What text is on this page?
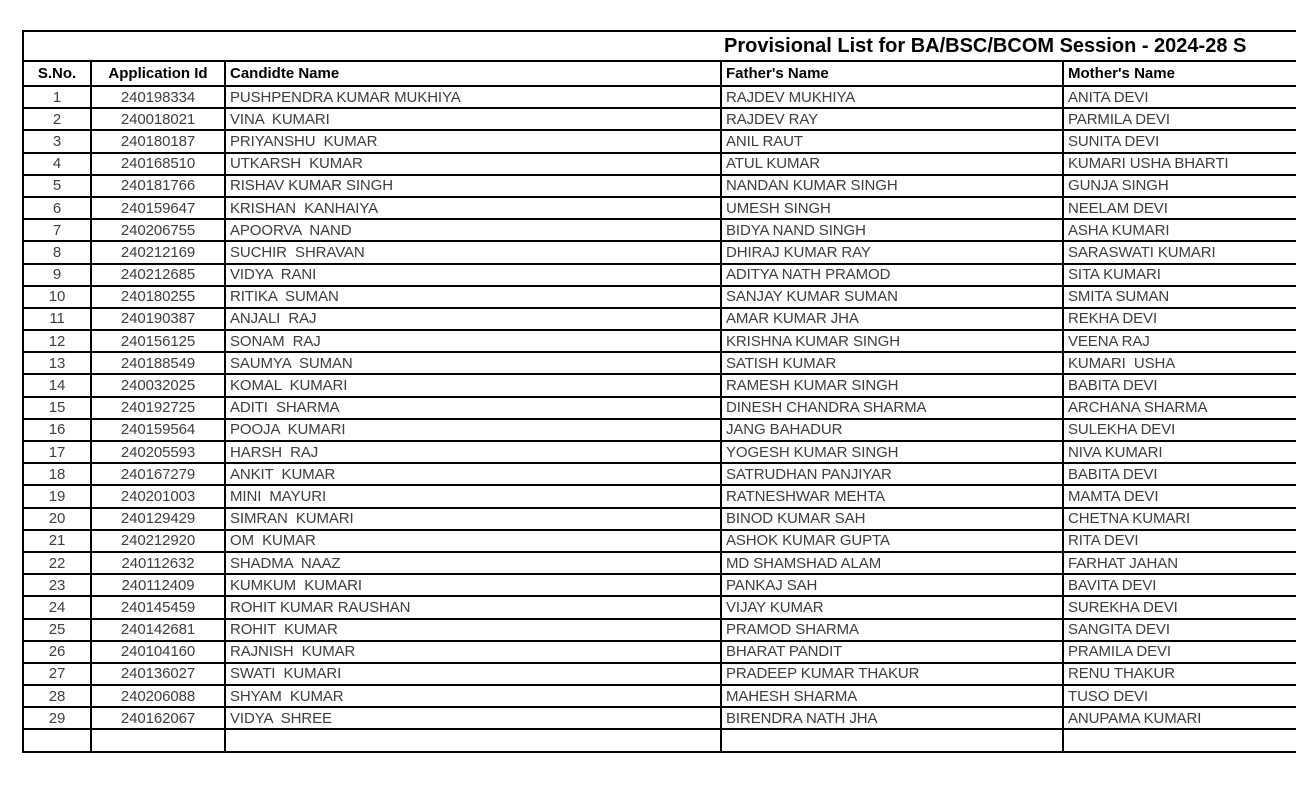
Provisional List for BA/BSC/BCOM Session - 2024-28 S				
S.No.	Application Id	Candidte Name	Father's Name	Mother's Name
1	240198334	PUSHPENDRA KUMAR MUKHIYA	RAJDEV MUKHIYA	ANITA DEVI
2	240018021	VINA  KUMARI	RAJDEV RAY	PARMILA DEVI
3	240180187	PRIYANSHU  KUMAR	ANIL RAUT	SUNITA DEVI
4	240168510	UTKARSH  KUMAR	ATUL KUMAR	KUMARI USHA BHARTI
5	240181766	RISHAV KUMAR SINGH	NANDAN KUMAR SINGH	GUNJA SINGH
6	240159647	KRISHAN  KANHAIYA	UMESH SINGH	NEELAM DEVI
7	240206755	APOORVA  NAND	BIDYA NAND SINGH	ASHA KUMARI
8	240212169	SUCHIR  SHRAVAN	DHIRAJ KUMAR RAY	SARASWATI KUMARI
9	240212685	VIDYA  RANI	ADITYA NATH PRAMOD	SITA KUMARI
10	240180255	RITIKA  SUMAN	SANJAY KUMAR SUMAN	SMITA SUMAN
11	240190387	ANJALI  RAJ	AMAR KUMAR JHA	REKHA DEVI
12	240156125	SONAM  RAJ	KRISHNA KUMAR SINGH	VEENA RAJ
13	240188549	SAUMYA  SUMAN	SATISH KUMAR	KUMARI  USHA
14	240032025	KOMAL  KUMARI	RAMESH KUMAR SINGH	BABITA DEVI
15	240192725	ADITI  SHARMA	DINESH CHANDRA SHARMA	ARCHANA SHARMA
16	240159564	POOJA  KUMARI	JANG BAHADUR	SULEKHA DEVI
17	240205593	HARSH  RAJ	YOGESH KUMAR SINGH	NIVA KUMARI
18	240167279	ANKIT  KUMAR	SATRUDHAN PANJIYAR	BABITA DEVI
19	240201003	MINI  MAYURI	RATNESHWAR MEHTA	MAMTA DEVI
20	240129429	SIMRAN  KUMARI	BINOD KUMAR SAH	CHETNA KUMARI
21	240212920	OM  KUMAR	ASHOK KUMAR GUPTA	RITA DEVI
22	240112632	SHADMA  NAAZ	MD SHAMSHAD ALAM	FARHAT JAHAN
23	240112409	KUMKUM  KUMARI	PANKAJ SAH	BAVITA DEVI
24	240145459	ROHIT KUMAR RAUSHAN	VIJAY KUMAR	SUREKHA DEVI
25	240142681	ROHIT  KUMAR	PRAMOD SHARMA	SANGITA DEVI
26	240104160	RAJNISH  KUMAR	BHARAT PANDIT	PRAMILA DEVI
27	240136027	SWATI  KUMARI	PRADEEP KUMAR THAKUR	RENU THAKUR
28	240206088	SHYAM  KUMAR	MAHESH SHARMA	TUSO DEVI
29	240162067	VIDYA  SHREE	BIRENDRA NATH JHA	ANUPAMA KUMARI
